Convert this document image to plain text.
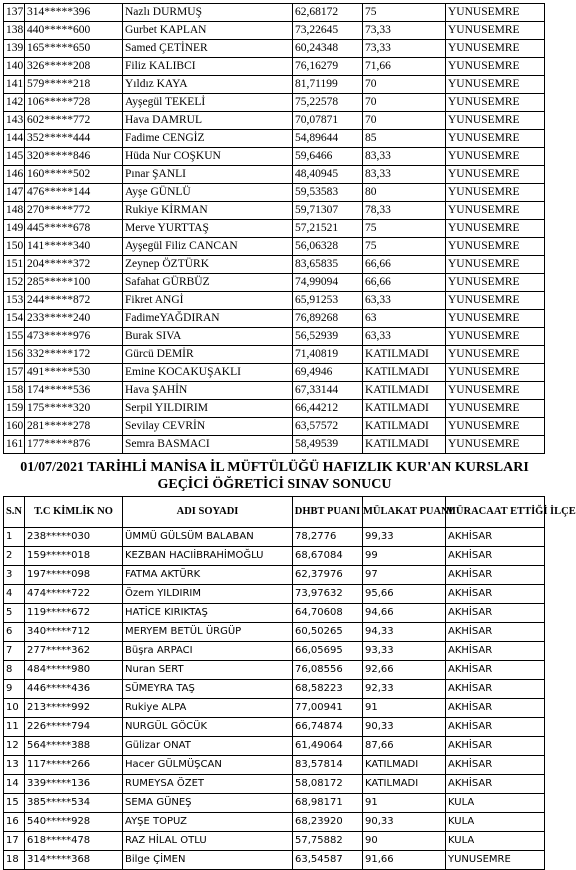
137	314*****396	Nazlı DURMUŞ	62,68172	75	YUNUSEMRE
138	440*****600	Gurbet KAPLAN	73,22645	73,33	YUNUSEMRE
139	165*****650	Samed ÇETİNER	60,24348	73,33	YUNUSEMRE
140	326*****208	Filiz KALIBCI	76,16279	71,66	YUNUSEMRE
141	579*****218	Yıldız KAYA	81,71199	70	YUNUSEMRE
142	106*****728	Ayşegül TEKELİ	75,22578	70	YUNUSEMRE
143	602*****772	Hava DAMRUL	70,07871	70	YUNUSEMRE
144	352*****444	Fadime CENGİZ	54,89644	85	YUNUSEMRE
145	320*****846	Hüda Nur COŞKUN	59,6466	83,33	YUNUSEMRE
146	160*****502	Pınar ŞANLI	48,40945	83,33	YUNUSEMRE
147	476*****144	Ayşe GÜNLÜ	59,53583	80	YUNUSEMRE
148	270*****772	Rukiye KİRMAN	59,71307	78,33	YUNUSEMRE
149	445*****678	Merve YURTTAŞ	57,21521	75	YUNUSEMRE
150	141*****340	Ayşegül Filiz CANCAN	56,06328	75	YUNUSEMRE
151	204*****372	Zeynep ÖZTÜRK	83,65835	66,66	YUNUSEMRE
152	285*****100	Safahat GÜRBÜZ	74,99094	66,66	YUNUSEMRE
153	244*****872	Fikret ANGİ	65,91253	63,33	YUNUSEMRE
154	233*****240	FadimeYAĞDIRAN	76,89268	63	YUNUSEMRE
155	473*****976	Burak SIVA	56,52939	63,33	YUNUSEMRE
156	332*****172	Gürcü DEMİR	71,40819	KATILMADI	YUNUSEMRE
157	491*****530	Emine KOCAKUŞAKLI	69,4946	KATILMADI	YUNUSEMRE
158	174*****536	Hava ŞAHİN	67,33144	KATILMADI	YUNUSEMRE
159	175*****320	Serpil YILDIRIM	66,44212	KATILMADI	YUNUSEMRE
160	281*****278	Sevilay CEVRİN	63,57572	KATILMADI	YUNUSEMRE
161	177*****876	Semra BASMACI	58,49539	KATILMADI	YUNUSEMRE
01/07/2021 TARİHLİ MANİSA İL MÜFTÜLÜĞÜ HAFIZLIK KUR'AN KURSLARI
GEÇİCİ ÖĞRETİCİ SINAV SONUCU
S.N	T.C KİMLİK NO	ADI SOYADI	DHBT PUANI	MÜLAKAT PUANI	MÜRACAAT ETTİĞİ İLÇE
1	238*****030	ÜMMÜ GÜLSÜM BALABAN	78,2776	99,33	AKHİSAR
2	159*****018	KEZBAN HACIİBRAHİMOĞLU	68,67084	99	AKHİSAR
3	197*****098	FATMA AKTÜRK	62,37976	97	AKHİSAR
4	474*****722	Özem YILDIRIM	73,97632	95,66	AKHİSAR
5	119*****672	HATİCE KIRIKTAŞ	64,70608	94,66	AKHİSAR
6	340*****712	MERYEM BETÜL ÜRGÜP	60,50265	94,33	AKHİSAR
7	277*****362	Büşra ARPACI	66,05695	93,33	AKHİSAR
8	484*****980	Nuran SERT	76,08556	92,66	AKHİSAR
9	446*****436	SÜMEYRA TAŞ	68,58223	92,33	AKHİSAR
10	213*****992	Rukiye ALPA	77,00941	91	AKHİSAR
11	226*****794	NURGÜL GÖCÜK	66,74874	90,33	AKHİSAR
12	564*****388	Gülizar ONAT	61,49064	87,66	AKHİSAR
13	117*****266	Hacer GÜLMÜŞCAN	83,57814	KATILMADI	AKHİSAR
14	339*****136	RUMEYSA ÖZET	58,08172	KATILMADI	AKHİSAR
15	385*****534	SEMA GÜNEŞ	68,98171	91	KULA
16	540*****928	AYŞE TOPUZ	68,23920	90,33	KULA
17	618*****478	RAZ HİLAL OTLU	57,75882	90	KULA
18	314*****368	Bilge ÇİMEN	63,54587	91,66	YUNUSEMRE
